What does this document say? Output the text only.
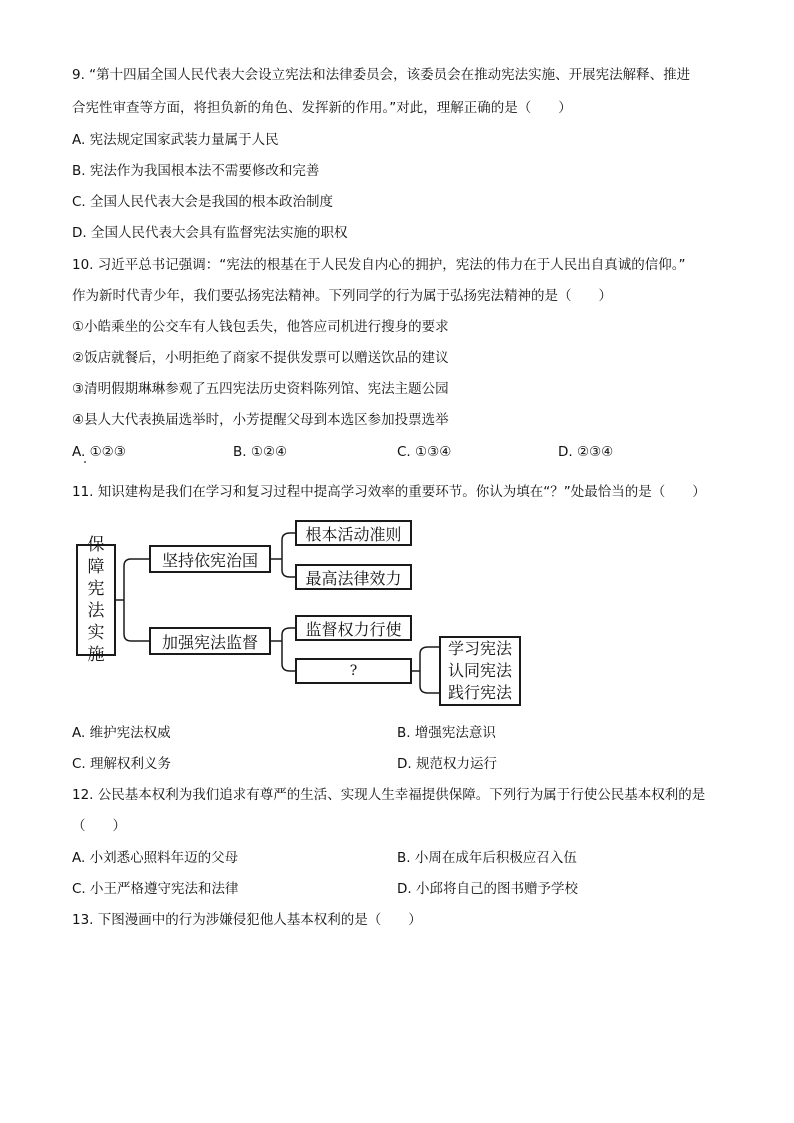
9. “第十四届全国人民代表大会设立宪法和法律委员会，该委员会在推动宪法实施、开展宪法解释、推进
合宪性审查等方面，将担负新的角色、发挥新的作用。”对此，理解正确的是（　　）
A. 宪法规定国家武装力量属于人民
B. 宪法作为我国根本法不需要修改和完善
C. 全国人民代表大会是我国的根本政治制度
D. 全国人民代表大会具有监督宪法实施的职权
10. 习近平总书记强调：“宪法的根基在于人民发自内心的拥护，宪法的伟力在于人民出自真诚的信仰。”
作为新时代青少年，我们要弘扬宪法精神。下列同学的行为属于弘扬宪法精神的是（　　）
①小皓乘坐的公交车有人钱包丢失，他答应司机进行搜身的要求
②饭店就餐后，小明拒绝了商家不提供发票可以赠送饮品的建议
③清明假期琳琳参观了五四宪法历史资料陈列馆、宪法主题公园
④县人大代表换届选举时，小芳提醒父母到本选区参加投票选举
A. ①②③	B. ①②④	C. ①③④	D. ②③④
11. 知识建构是我们在学习和复习过程中提高学习效率的重要环节。你认为填在“？”处最恰当的是（　　）
保
障
宪
法
实
施
坚持依宪治国
根本活动准则
最高法律效力
加强宪法监督
监督权力行使
?
学习宪法
认同宪法
践行宪法
A. 维护宪法权威	B. 增强宪法意识
C. 理解权利义务	D. 规范权力运行
12. 公民基本权利为我们追求有尊严的生活、实现人生幸福提供保障。下列行为属于行使公民基本权利的是
（　　）
A. 小刘悉心照料年迈的父母	B. 小周在成年后积极应召入伍
C. 小王严格遵守宪法和法律	D. 小邱将自己的图书赠予学校
13. 下图漫画中的行为涉嫌侵犯他人基本权利的是（　　）
